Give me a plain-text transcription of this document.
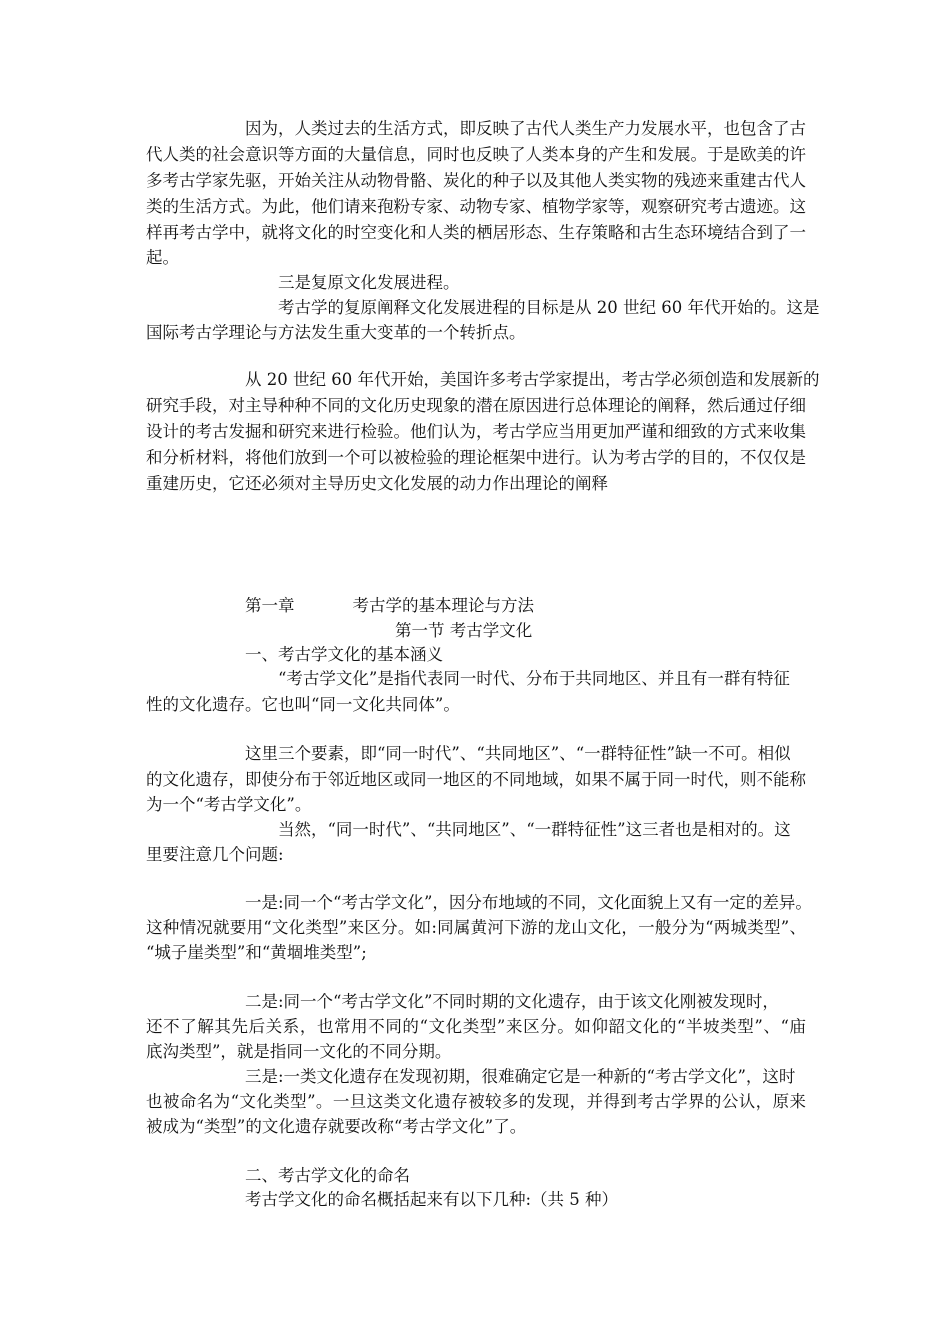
因为，人类过去的生活方式，即反映了古代人类生产力发展水平，也包含了古

代人类的社会意识等方面的大量信息，同时也反映了人类本身的产生和发展。于是欧美的许

多考古学家先驱，开始关注从动物骨骼、炭化的种子以及其他人类实物的残迹来重建古代人

类的生活方式。为此，他们请来孢粉专家、动物专家、植物学家等，观察研究考古遗迹。这

样再考古学中，就将文化的时空变化和人类的栖居形态、生存策略和古生态环境结合到了一

起。

三是复原文化发展进程。

考古学的复原阐释文化发展进程的目标是从 20 世纪 60 年代开始的。这是

国际考古学理论与方法发生重大变革的一个转折点。

从 20 世纪 60 年代开始，美国许多考古学家提出，考古学必须创造和发展新的

研究手段，对主导种种不同的文化历史现象的潜在原因进行总体理论的阐释，然后通过仔细

设计的考古发掘和研究来进行检验。他们认为，考古学应当用更加严谨和细致的方式来收集

和分析材料，将他们放到一个可以被检验的理论框架中进行。认为考古学的目的，不仅仅是

重建历史，它还必须对主导历史文化发展的动力作出理论的阐释

第一章	考古学的基本理论与方法

第一节 考古学文化

一、考古学文化的基本涵义

“考古学文化”是指代表同一时代、分布于共同地区、并且有一群有特征

性的文化遗存。它也叫“同一文化共同体”。

这里三个要素，即“同一时代”、“共同地区”、“一群特征性”缺一不可。相似

的文化遗存，即使分布于邻近地区或同一地区的不同地域，如果不属于同一时代，则不能称

为一个“考古学文化”。

当然，“同一时代”、“共同地区”、“一群特征性”这三者也是相对的。这

里要注意几个问题:

一是:同一个“考古学文化”，因分布地域的不同，文化面貌上又有一定的差异。

这种情况就要用“文化类型”来区分。如:同属黄河下游的龙山文化，一般分为“两城类型”、

“城子崖类型”和“黄堌堆类型”;

二是:同一个“考古学文化”不同时期的文化遗存，由于该文化刚被发现时，

还不了解其先后关系，也常用不同的“文化类型”来区分。如仰韶文化的“半坡类型”、“庙

底沟类型”，就是指同一文化的不同分期。

三是:一类文化遗存在发现初期，很难确定它是一种新的“考古学文化”，这时

也被命名为“文化类型”。一旦这类文化遗存被较多的发现，并得到考古学界的公认，原来

被成为“类型”的文化遗存就要改称“考古学文化”了。

二、考古学文化的命名

考古学文化的命名概括起来有以下几种:（共 5 种）
